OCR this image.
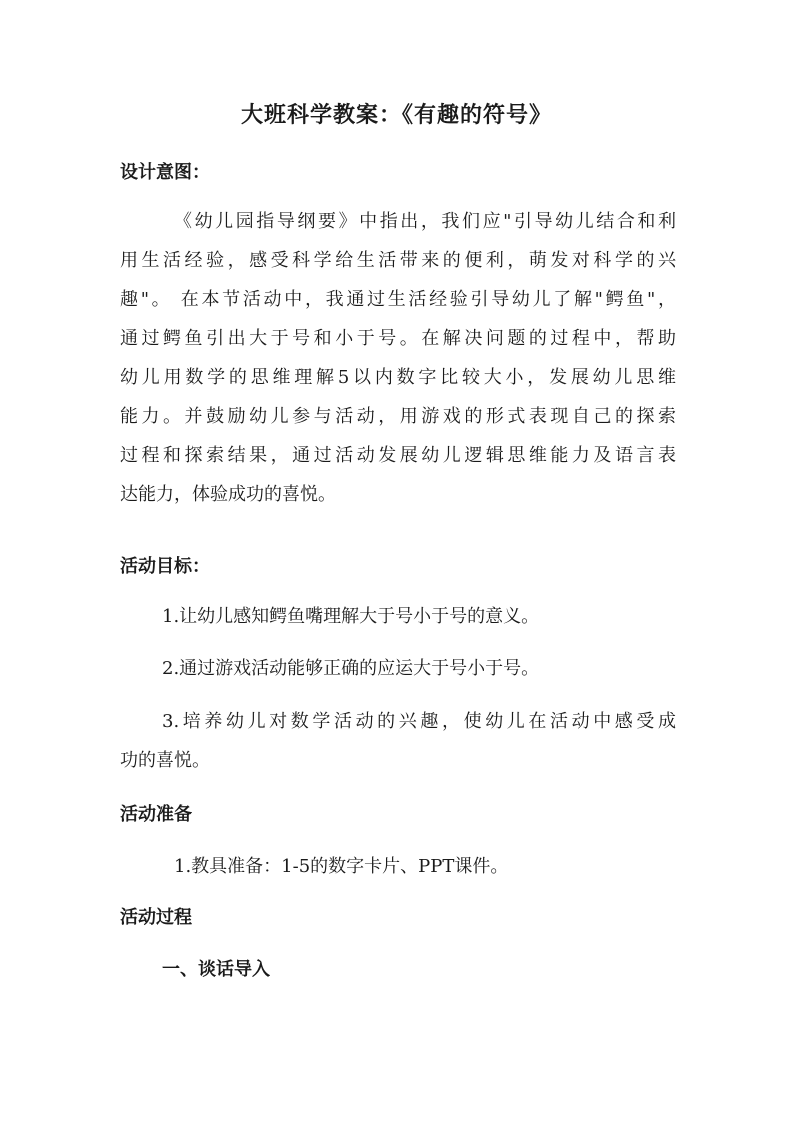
大班科学教案：《有趣的符号》
设计意图：
《幼儿园指导纲要》中指出，我们应"引导幼儿结合和利
用生活经验，感受科学给生活带来的便利，萌发对科学的兴
趣"。 在本节活动中，我通过生活经验引导幼儿了解"鳄鱼"，
通过鳄鱼引出大于号和小于号。在解决问题的过程中，帮助
幼儿用数学的思维理解5以内数字比较大小，发展幼儿思维
能力。并鼓励幼儿参与活动，用游戏的形式表现自己的探索
过程和探索结果，通过活动发展幼儿逻辑思维能力及语言表
达能力，体验成功的喜悦。
活动目标：
1.让幼儿感知鳄鱼嘴理解大于号小于号的意义。
2.通过游戏活动能够正确的应运大于号小于号。
3.培养幼儿对数学活动的兴趣，使幼儿在活动中感受成
功的喜悦。
活动准备
1.教具准备：1-5的数字卡片、PPT课件。
活动过程
一、谈话导入
